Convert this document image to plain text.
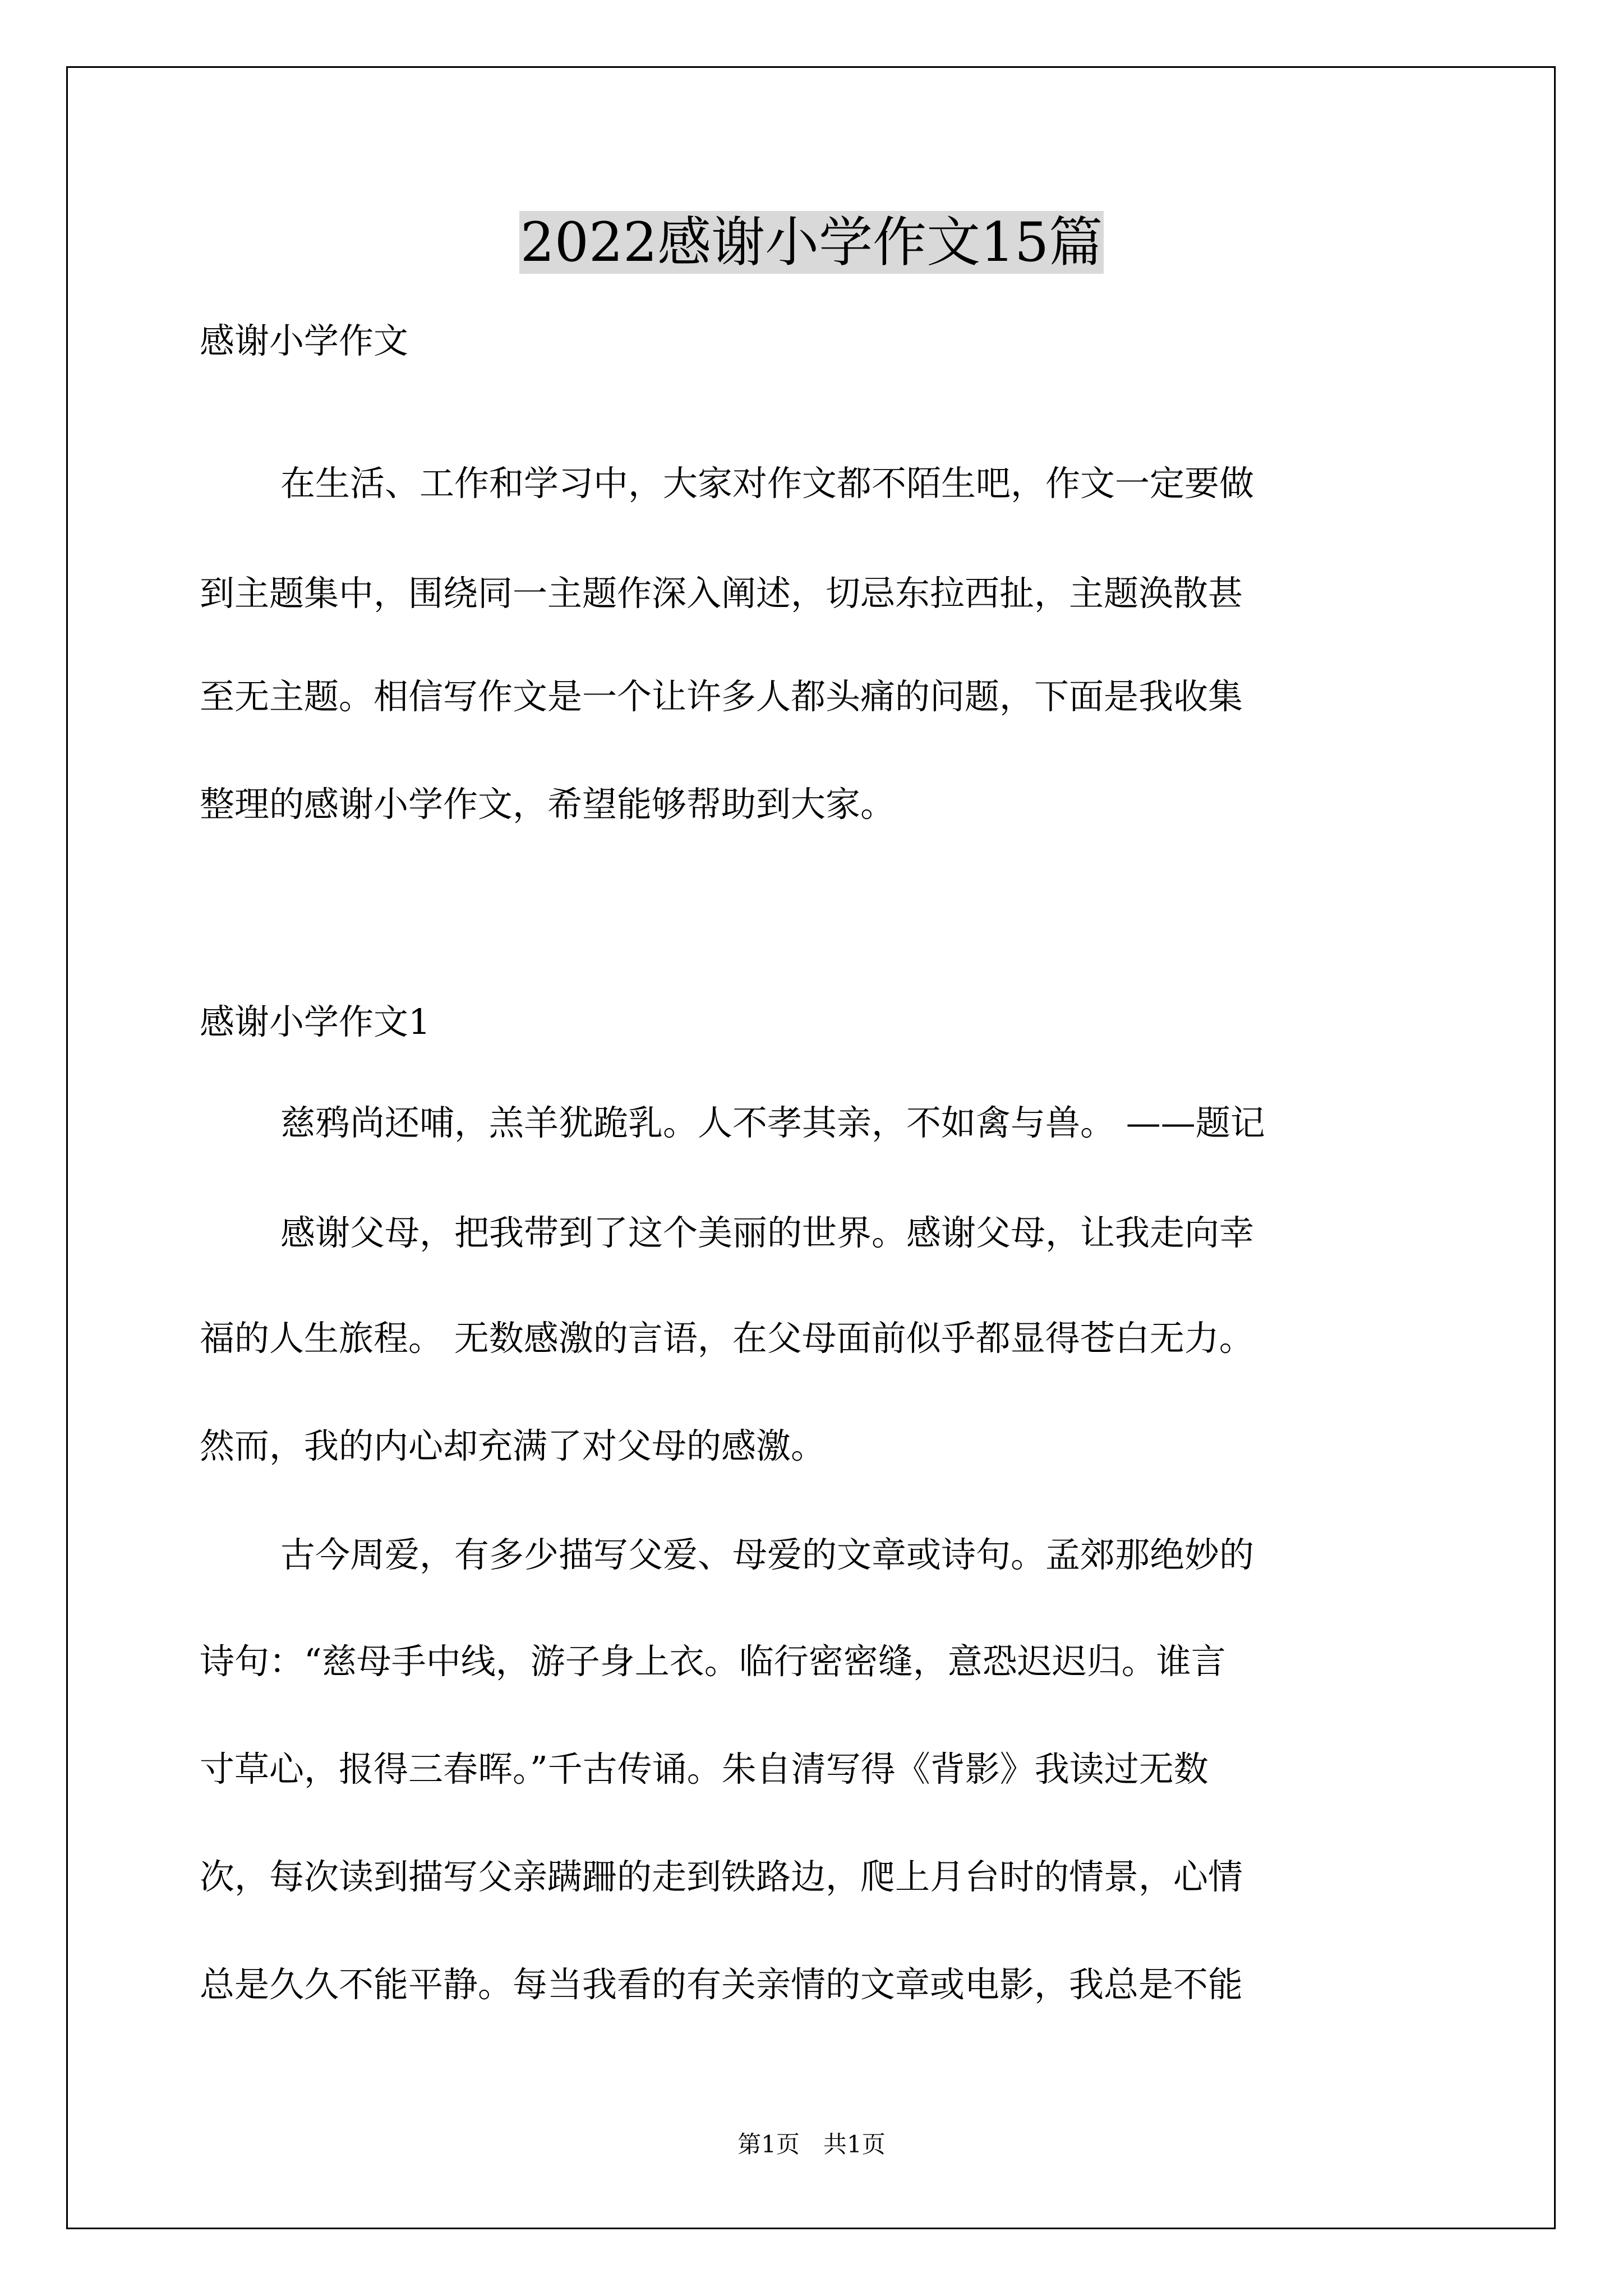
2022感谢小学作文15篇
感谢小学作文
在生活、工作和学习中，大家对作文都不陌生吧，作文一定要做
到主题集中，围绕同一主题作深入阐述，切忌东拉西扯，主题涣散甚
至无主题。相信写作文是一个让许多人都头痛的问题，下面是我收集
整理的感谢小学作文，希望能够帮助到大家。
感谢小学作文1
慈鸦尚还哺，羔羊犹跪乳。人不孝其亲，不如禽与兽。 ——题记
感谢父母，把我带到了这个美丽的世界。感谢父母，让我走向幸
福的人生旅程。 无数感激的言语，在父母面前似乎都显得苍白无力。
然而，我的内心却充满了对父母的感激。
古今周爱，有多少描写父爱、母爱的文章或诗句。孟郊那绝妙的
诗句：“慈母手中线，游子身上衣。临行密密缝，意恐迟迟归。谁言
寸草心，报得三春晖。”千古传诵。朱自清写得《背影》我读过无数
次，每次读到描写父亲蹒跚的走到铁路边，爬上月台时的情景，心情
总是久久不能平静。每当我看的有关亲情的文章或电影，我总是不能
第1页　共1页
